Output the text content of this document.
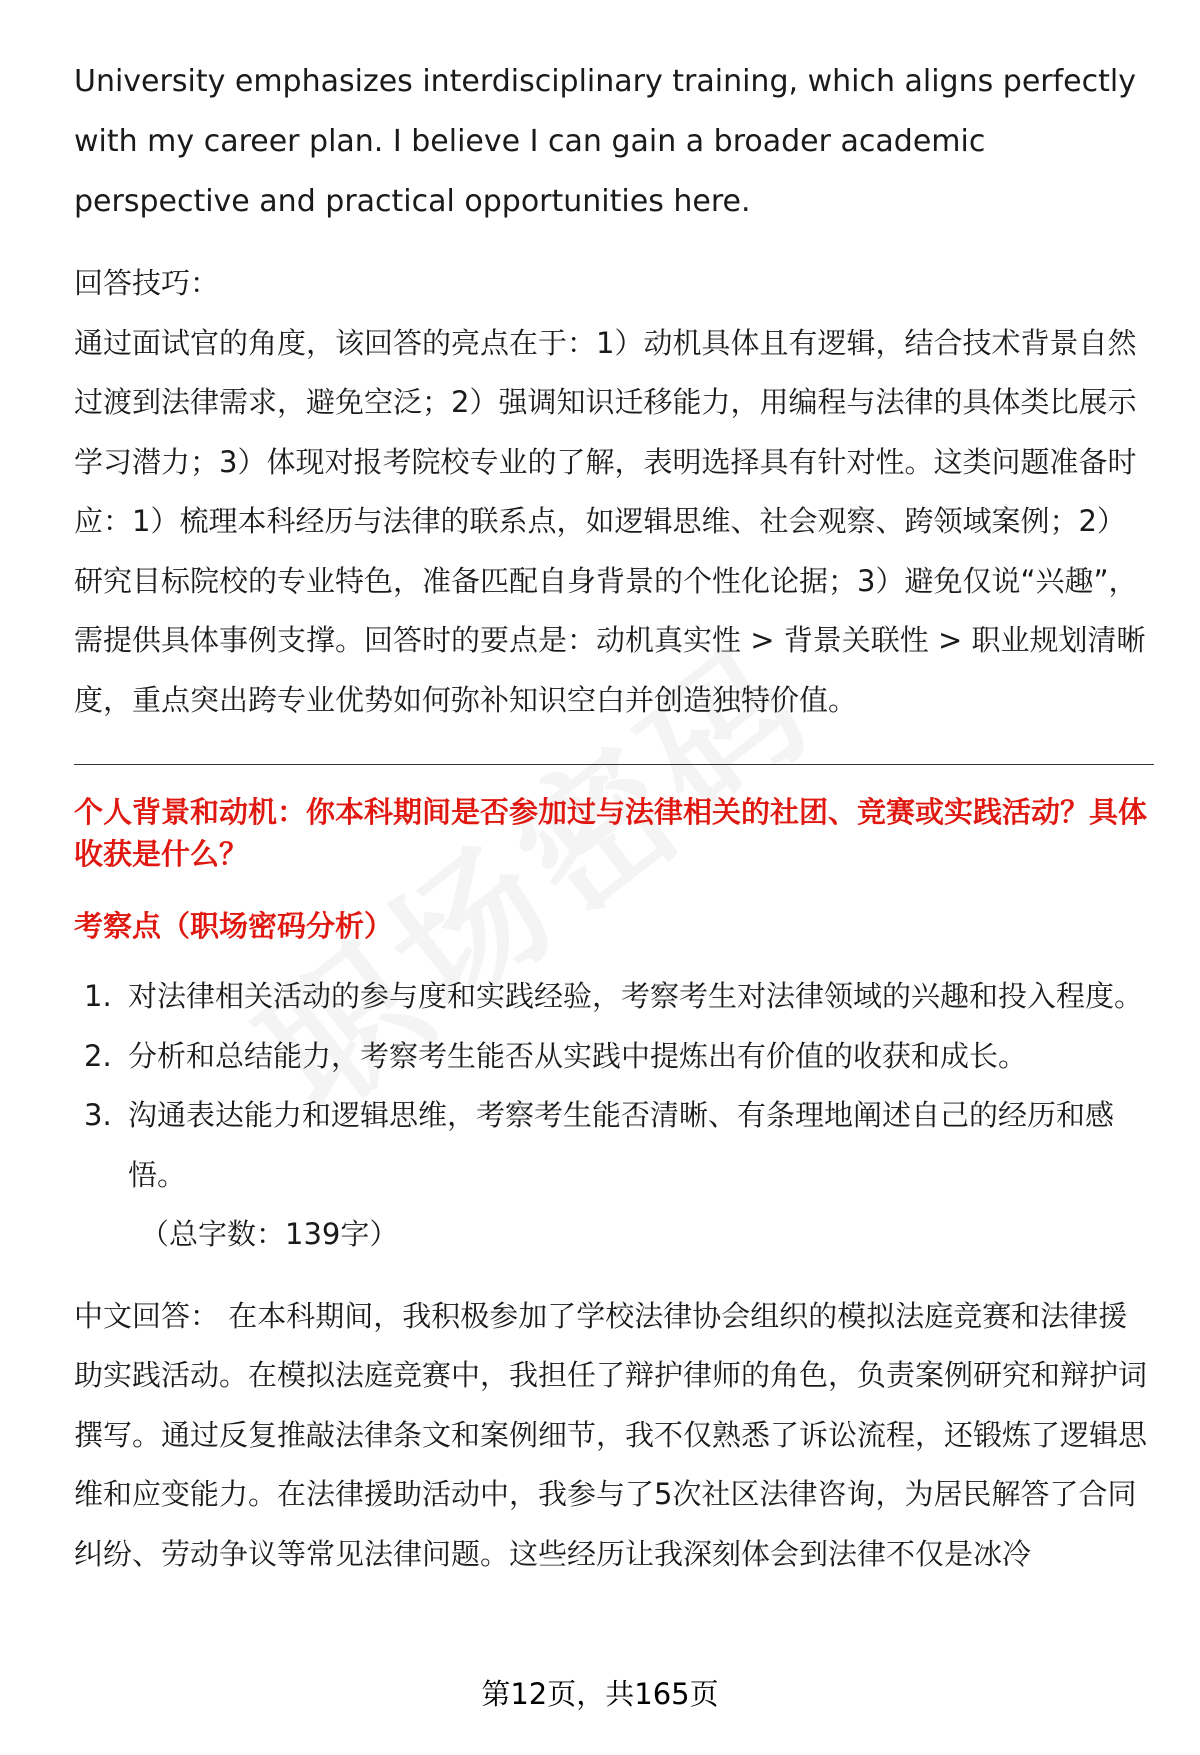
University emphasizes interdisciplinary training, which aligns perfectly with my career plan. I believe I can gain a broader academic perspective and practical opportunities here.

回答技巧：

通过面试官的角度，该回答的亮点在于：1）动机具体且有逻辑，结合技术背景自然过渡到法律需求，避免空泛；2）强调知识迁移能力，用编程与法律的具体类比展示学习潜力；3）体现对报考院校专业的了解，表明选择具有针对性。这类问题准备时应：1）梳理本科经历与法律的联系点，如逻辑思维、社会观察、跨领域案例；2）研究目标院校的专业特色，准备匹配自身背景的个性化论据；3）避免仅说“兴趣”，需提供具体事例支撑。回答时的要点是：动机真实性 > 背景关联性 > 职业规划清晰度，重点突出跨专业优势如何弥补知识空白并创造独特价值。

个人背景和动机：你本科期间是否参加过与法律相关的社团、竞赛或实践活动？具体收获是什么？

考察点（职场密码分析）

1. 对法律相关活动的参与度和实践经验，考察考生对法律领域的兴趣和投入程度。
2. 分析和总结能力，考察考生能否从实践中提炼出有价值的收获和成长。
3. 沟通表达能力和逻辑思维，考察考生能否清晰、有条理地阐述自己的经历和感悟。

（总字数：139字）

中文回答： 在本科期间，我积极参加了学校法律协会组织的模拟法庭竞赛和法律援助实践活动。在模拟法庭竞赛中，我担任了辩护律师的角色，负责案例研究和辩护词撰写。通过反复推敲法律条文和案例细节，我不仅熟悉了诉讼流程，还锻炼了逻辑思维和应变能力。在法律援助活动中，我参与了5次社区法律咨询，为居民解答了合同纠纷、劳动争议等常见法律问题。这些经历让我深刻体会到法律不仅是冰冷

第12页，共165页
